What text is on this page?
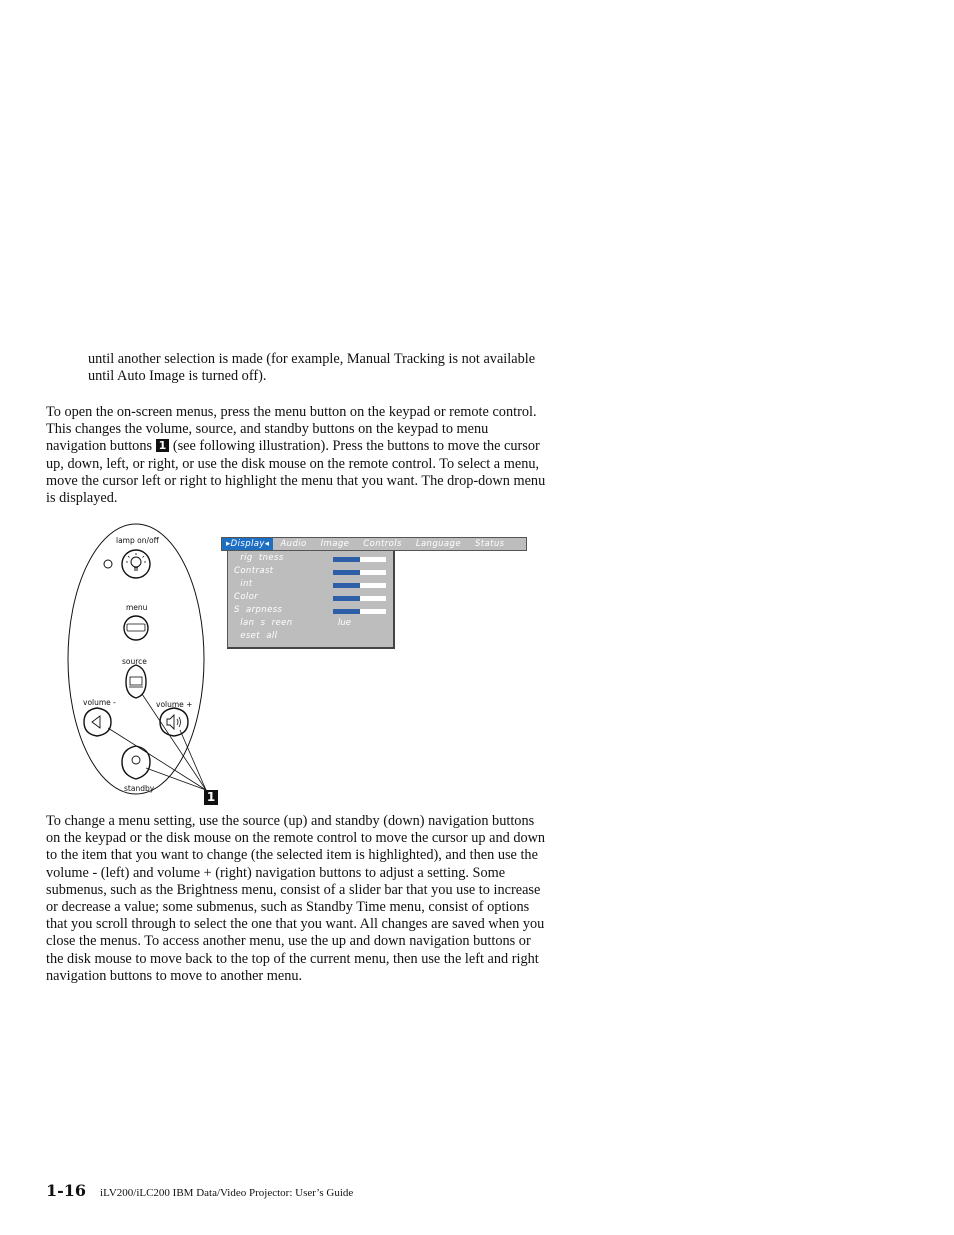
until another selection is made (for example, Manual Tracking is not available until Auto Image is turned off).

To open the on-screen menus, press the menu button on the keypad or remote control. This changes the volume, source, and standby buttons on the keypad to menu navigation buttons 1 (see following illustration). Press the buttons to move the cursor up, down, left, or right, or use the disk mouse on the remote control. To select a menu, move the cursor left or right to highlight the menu that you want. The drop-down menu is displayed.

lamp on/off
menu
source
volume -	volume +
standby
1
▸Display◂	Audio	Image	Controls	Language	Status
rig  tness
Contrast
int
Color
S  arpness
lan  s  reen	lue
eset  all

To change a menu setting, use the source (up) and standby (down) navigation buttons on the keypad or the disk mouse on the remote control to move the cursor up and down to the item that you want to change (the selected item is highlighted), and then use the volume - (left) and volume + (right) navigation buttons to adjust a setting. Some submenus, such as the Brightness menu, consist of a slider bar that you use to increase or decrease a value; some submenus, such as Standby Time menu, consist of options that you scroll through to select the one that you want. All changes are saved when you close the menus. To access another menu, use the up and down navigation buttons or the disk mouse to move back to the top of the current menu, then use the left and right navigation buttons to move to another menu.

1-16 iLV200/iLC200 IBM Data/Video Projector: User’s Guide
